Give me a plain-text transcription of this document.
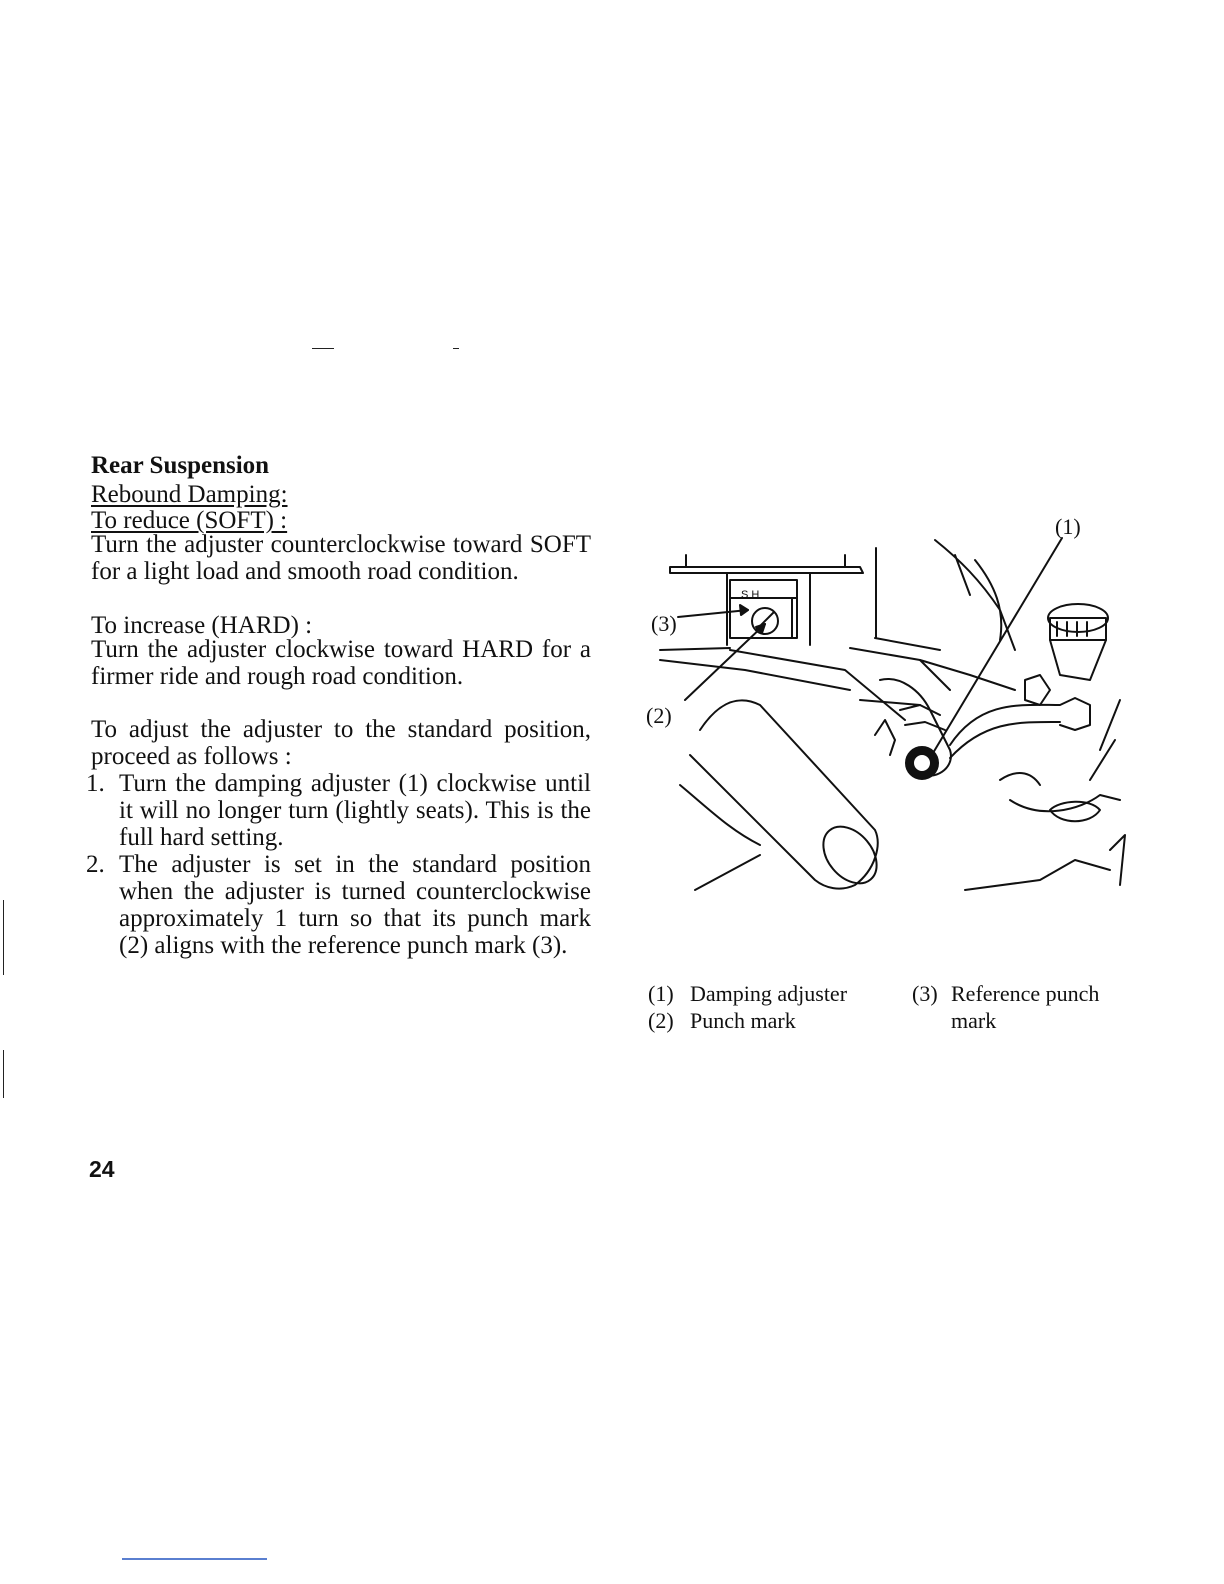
Rear Suspension
Rebound Damping:
To reduce (SOFT) :
Turn the adjuster counterclockwise toward SOFT for a light load and smooth road condition.
To increase (HARD) :
Turn the adjuster clockwise toward HARD for a firmer ride and rough road condition.
To adjust the adjuster to the standard position, proceed as follows :
1. Turn the damping adjuster (1) clockwise until it will no longer turn (lightly seats). This is the full hard setting.
2. The adjuster is set in the standard position when the adjuster is turned counterclockwise approximately 1 turn so that its punch mark (2) aligns with the reference punch mark (3).
24
S H
(1)
(2)
(3)
(1) Damping adjuster
(2) Punch mark
(3) Reference punch
mark
